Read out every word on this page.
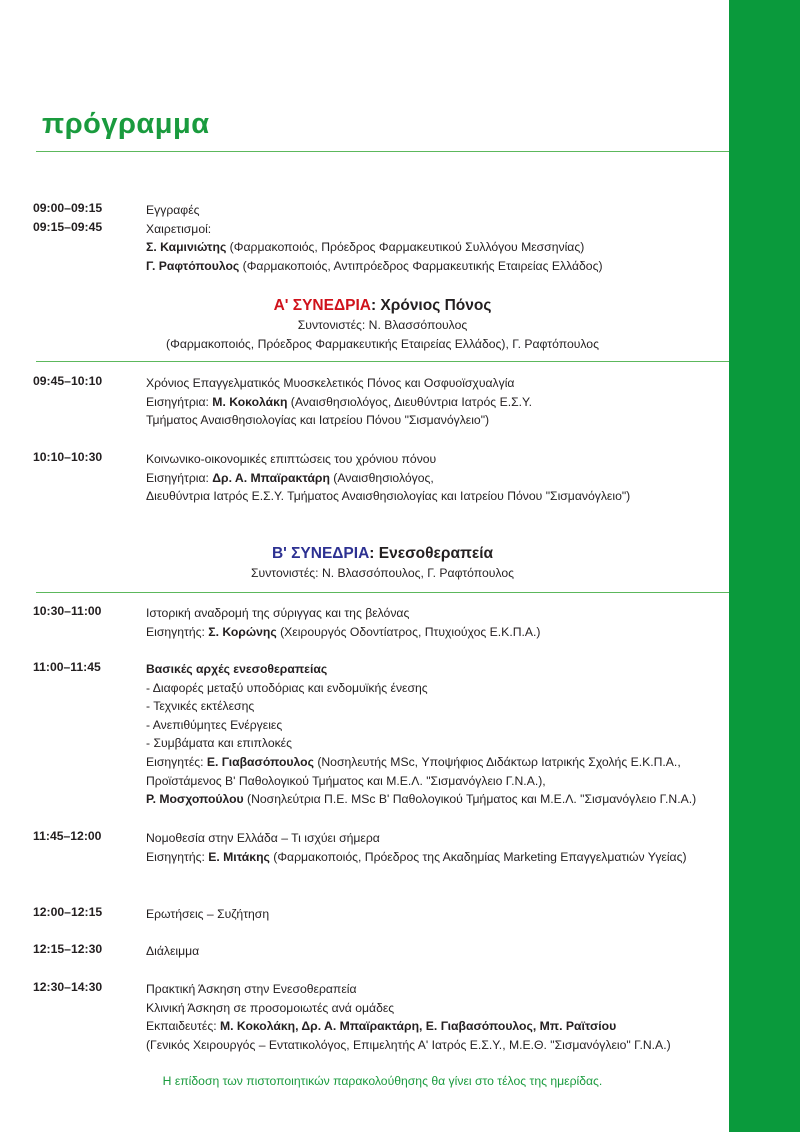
πρόγραμμα
09:00–09:15	Εγγραφές
09:15–09:45	Χαιρετισμοί:
Σ. Καμινιώτης (Φαρμακοποιός, Πρόεδρος Φαρμακευτικού Συλλόγου Μεσσηνίας)
Γ. Ραφτόπουλος (Φαρμακοποιός, Αντιπρόεδρος Φαρμακευτικής Εταιρείας Ελλάδος)
Α' ΣΥΝΕΔΡΙΑ: Χρόνιος Πόνος
Συντονιστές: Ν. Βλασσόπουλος
(Φαρμακοποιός, Πρόεδρος Φαρμακευτικής Εταιρείας Ελλάδος), Γ. Ραφτόπουλος
09:45–10:10	Χρόνιος Επαγγελματικός Μυοσκελετικός Πόνος και Οσφυοϊσχυαλγία
Εισηγήτρια: Μ. Κοκολάκη (Αναισθησιολόγος, Διευθύντρια Ιατρός Ε.Σ.Υ.
Τμήματος Αναισθησιολογίας και Ιατρείου Πόνου "Σισμανόγλειο")
10:10–10:30	Κοινωνικο-οικονομικές επιπτώσεις του χρόνιου πόνου
Εισηγήτρια: Δρ. Α. Μπαϊρακτάρη (Αναισθησιολόγος,
Διευθύντρια Ιατρός Ε.Σ.Υ. Τμήματος Αναισθησιολογίας και Ιατρείου Πόνου "Σισμανόγλειο")
Β' ΣΥΝΕΔΡΙΑ: Ενεσοθεραπεία
Συντονιστές: Ν. Βλασσόπουλος, Γ. Ραφτόπουλος
10:30–11:00	Ιστορική αναδρομή της σύριγγας και της βελόνας
Εισηγητής: Σ. Κορώνης (Χειρουργός Οδοντίατρος, Πτυχιούχος Ε.Κ.Π.Α.)
11:00–11:45	Βασικές αρχές ενεσοθεραπείας
- Διαφορές μεταξύ υποδόριας και ενδομυϊκής ένεσης
- Τεχνικές εκτέλεσης
- Ανεπιθύμητες Ενέργειες
- Συμβάματα και επιπλοκές
Εισηγητές: Ε. Γιαβασόπουλος (Νοσηλευτής MSc, Υποψήφιος Διδάκτωρ Ιατρικής Σχολής Ε.Κ.Π.Α.,
Προϊστάμενος Β' Παθολογικού Τμήματος και Μ.Ε.Λ. "Σισμανόγλειο Γ.Ν.Α.),
Ρ. Μοσχοπούλου (Νοσηλεύτρια Π.Ε. MSc Β' Παθολογικού Τμήματος και Μ.Ε.Λ. "Σισμανόγλειο Γ.Ν.Α.)
11:45–12:00	Νομοθεσία στην Ελλάδα – Τι ισχύει σήμερα
Εισηγητής: Ε. Μιτάκης (Φαρμακοποιός, Πρόεδρος της Ακαδημίας Marketing Επαγγελματιών Υγείας)
12:00–12:15	Ερωτήσεις – Συζήτηση
12:15–12:30	Διάλειμμα
12:30–14:30	Πρακτική Άσκηση στην Ενεσοθεραπεία
Κλινική Άσκηση σε προσομοιωτές ανά ομάδες
Εκπαιδευτές: Μ. Κοκολάκη, Δρ. Α. Μπαϊρακτάρη, Ε. Γιαβασόπουλος, Μπ. Ραϊτσίου
(Γενικός Χειρουργός – Εντατικολόγος, Επιμελητής Α' Ιατρός Ε.Σ.Υ., Μ.Ε.Θ. "Σισμανόγλειο" Γ.Ν.Α.)
Η επίδοση των πιστοποιητικών παρακολούθησης θα γίνει στο τέλος της ημερίδας.
